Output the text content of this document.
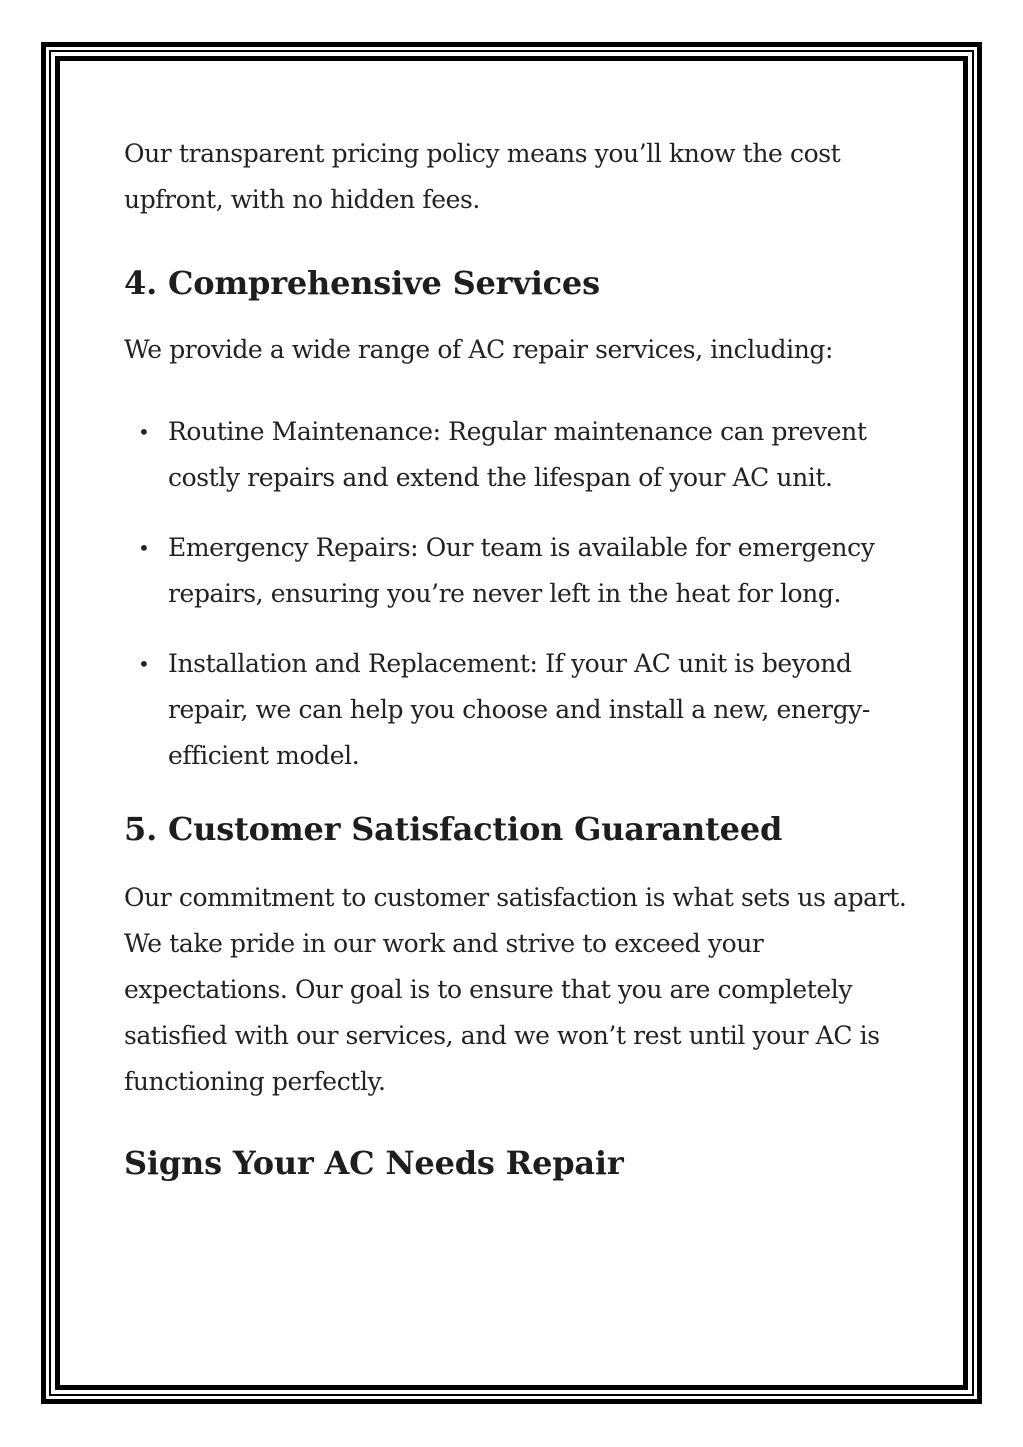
Our transparent pricing policy means you’ll know the cost upfront, with no hidden fees.

4. Comprehensive Services

We provide a wide range of AC repair services, including:

• Routine Maintenance: Regular maintenance can prevent costly repairs and extend the lifespan of your AC unit.
• Emergency Repairs: Our team is available for emergency repairs, ensuring you’re never left in the heat for long.
• Installation and Replacement: If your AC unit is beyond repair, we can help you choose and install a new, energy-efficient model.
5. Customer Satisfaction Guaranteed

Our commitment to customer satisfaction is what sets us apart. We take pride in our work and strive to exceed your expectations. Our goal is to ensure that you are completely satisfied with our services, and we won’t rest until your AC is functioning perfectly.

Signs Your AC Needs Repair
